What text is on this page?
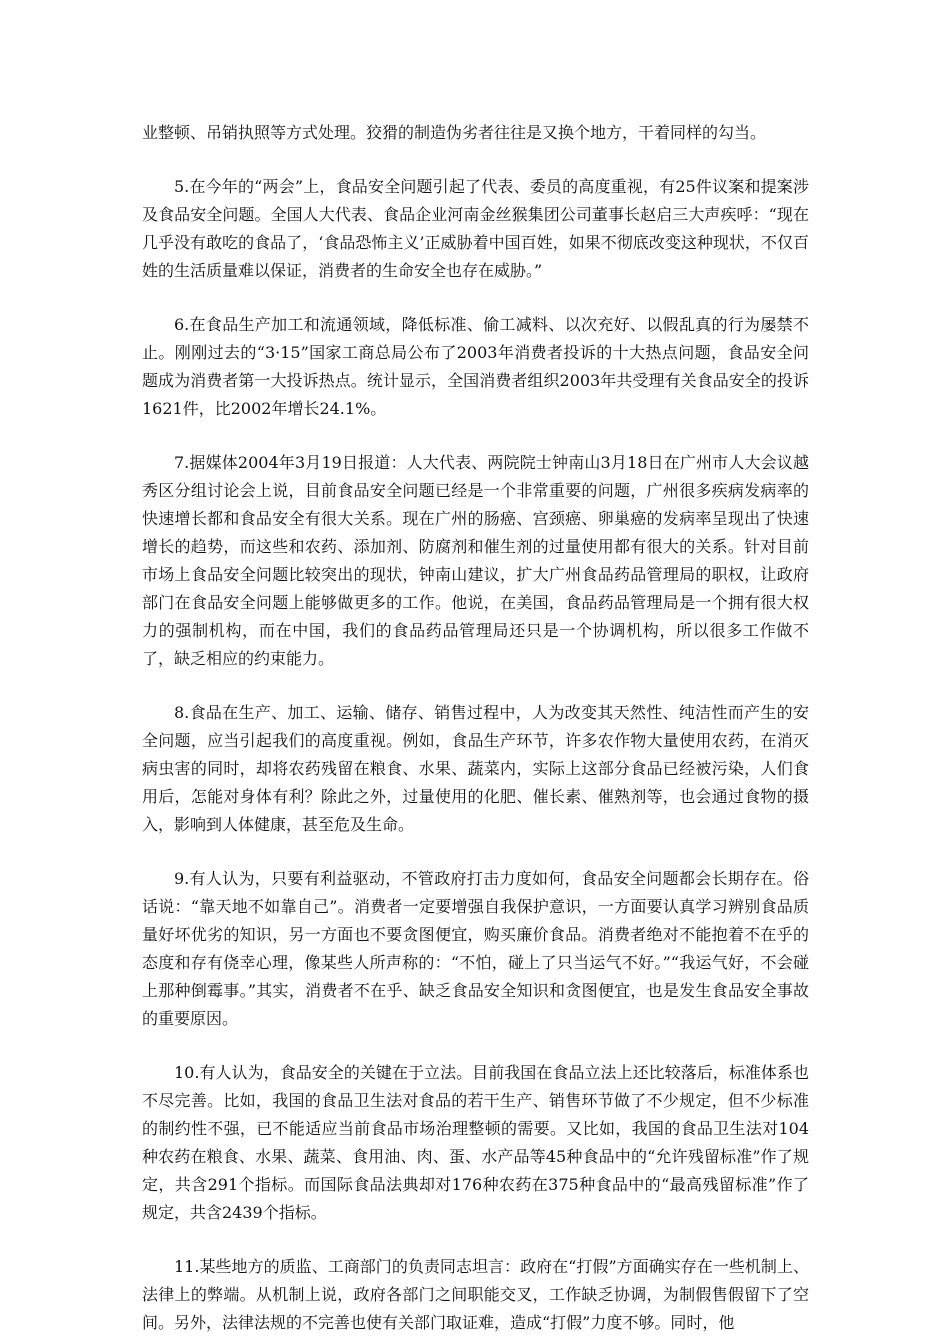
业整顿、吊销执照等方式处理。狡猾的制造伪劣者往往是又换个地方，干着同样的勾当。

5.在今年的“两会”上，食品安全问题引起了代表、委员的高度重视，有25件议案和提案涉及食品安全问题。全国人大代表、食品企业河南金丝猴集团公司董事长赵启三大声疾呼：“现在几乎没有敢吃的食品了，‘食品恐怖主义’正威胁着中国百姓，如果不彻底改变这种现状，不仅百姓的生活质量难以保证，消费者的生命安全也存在威胁。”

6.在食品生产加工和流通领域，降低标准、偷工减料、以次充好、以假乱真的行为屡禁不止。刚刚过去的“3·15”国家工商总局公布了2003年消费者投诉的十大热点问题，食品安全问题成为消费者第一大投诉热点。统计显示，全国消费者组织2003年共受理有关食品安全的投诉1621件，比2002年增长24.1%。

7.据媒体2004年3月19日报道：人大代表、两院院士钟南山3月18日在广州市人大会议越秀区分组讨论会上说，目前食品安全问题已经是一个非常重要的问题，广州很多疾病发病率的快速增长都和食品安全有很大关系。现在广州的肠癌、宫颈癌、卵巢癌的发病率呈现出了快速增长的趋势，而这些和农药、添加剂、防腐剂和催生剂的过量使用都有很大的关系。针对目前市场上食品安全问题比较突出的现状，钟南山建议，扩大广州食品药品管理局的职权，让政府部门在食品安全问题上能够做更多的工作。他说，在美国，食品药品管理局是一个拥有很大权力的强制机构，而在中国，我们的食品药品管理局还只是一个协调机构，所以很多工作做不了，缺乏相应的约束能力。

8.食品在生产、加工、运输、储存、销售过程中，人为改变其天然性、纯洁性而产生的安全问题，应当引起我们的高度重视。例如，食品生产环节，许多农作物大量使用农药，在消灭病虫害的同时，却将农药残留在粮食、水果、蔬菜内，实际上这部分食品已经被污染，人们食用后，怎能对身体有利？除此之外，过量使用的化肥、催长素、催熟剂等，也会通过食物的摄入，影响到人体健康，甚至危及生命。

9.有人认为，只要有利益驱动，不管政府打击力度如何，食品安全问题都会长期存在。俗话说：“靠天地不如靠自己”。消费者一定要增强自我保护意识，一方面要认真学习辨别食品质量好坏优劣的知识，另一方面也不要贪图便宜，购买廉价食品。消费者绝对不能抱着不在乎的态度和存有侥幸心理，像某些人所声称的：“不怕，碰上了只当运气不好。”“我运气好，不会碰上那种倒霉事。”其实，消费者不在乎、缺乏食品安全知识和贪图便宜，也是发生食品安全事故的重要原因。

10.有人认为，食品安全的关键在于立法。目前我国在食品立法上还比较落后，标准体系也不尽完善。比如，我国的食品卫生法对食品的若干生产、销售环节做了不少规定，但不少标准的制约性不强，已不能适应当前食品市场治理整顿的需要。又比如，我国的食品卫生法对104种农药在粮食、水果、蔬菜、食用油、肉、蛋、水产品等45种食品中的“允许残留标准”作了规定，共含291个指标。而国际食品法典却对176种农药在375种食品中的“最高残留标准”作了规定，共含2439个指标。

11.某些地方的质监、工商部门的负责同志坦言：政府在“打假”方面确实存在一些机制上、法律上的弊端。从机制上说，政府各部门之间职能交叉，工作缺乏协调，为制假售假留下了空间。另外，法律法规的不完善也使有关部门取证难，造成“打假”力度不够。同时，他
